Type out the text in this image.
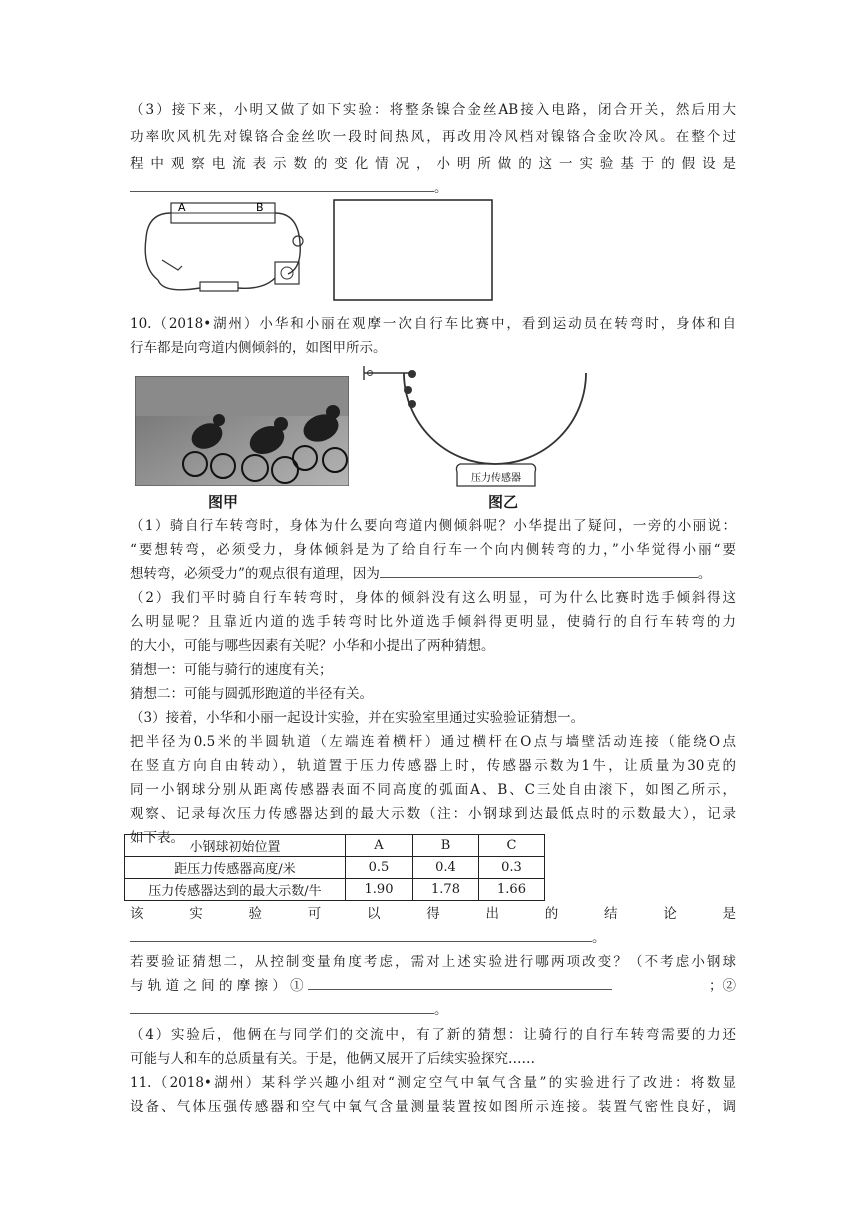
（3）接下来，小明又做了如下实验：将整条镍合金丝AB接入电路，闭合开关，然后用大

功率吹风机先对镍铬合金丝吹一段时间热风，再改用冷风档对镍铬合金吹冷风。在整个过

程中观察电流表示数的变化情况，小明所做的这一实验基于的假设是

。

A	B

10.（2018•湖州）小华和小丽在观摩一次自行车比赛中，看到运动员在转弯时，身体和自

行车都是向弯道内侧倾斜的，如图甲所示。

图甲
压力传感器
图乙

（1）骑自行车转弯时，身体为什么要向弯道内侧倾斜呢？小华提出了疑问，一旁的小丽说：

“要想转弯，必须受力，身体倾斜是为了给自行车一个向内侧转弯的力，”小华觉得小丽“要

想转弯，必须受力”的观点很有道理，因为	。

（2）我们平时骑自行车转弯时，身体的倾斜没有这么明显，可为什么比赛时选手倾斜得这

么明显呢？且靠近内道的选手转弯时比外道选手倾斜得更明显，使骑行的自行车转弯的力

的大小，可能与哪些因素有关呢？小华和小提出了两种猜想。

猜想一：可能与骑行的速度有关；

猜想二：可能与圆弧形跑道的半径有关。

（3）接着，小华和小丽一起设计实验，并在实验室里通过实验验证猜想一。

把半径为0.5米的半圆轨道（左端连着横杆）通过横杆在O点与墙壁活动连接（能绕O点

在竖直方向自由转动），轨道置于压力传感器上时，传感器示数为1牛，让质量为30克的

同一小钢球分别从距离传感器表面不同高度的弧面A、B、C三处自由滚下，如图乙所示，

观察、记录每次压力传感器达到的最大示数（注：小钢球到达最低点时的示数最大），记录

如下表。

小钢球初始位置	A	B	C
距压力传感器高度/米	0.5	0.4	0.3
压力传感器达到的最大示数/牛	1.90	1.78	1.66

该 实 验 可 以 得 出 的 结 论 是

。

若要验证猜想二，从控制变量角度考虑，需对上述实验进行哪两项改变？（不考虑小钢球

与 轨 道 之 间 的 摩 擦 ） ①	；②

。

（4）实验后，他俩在与同学们的交流中，有了新的猜想：让骑行的自行车转弯需要的力还

可能与人和车的总质量有关。于是，他俩又展开了后续实验探究……

11.（2018•湖州）某科学兴趣小组对“测定空气中氧气含量”的实验进行了改进：将数显

设备、气体压强传感器和空气中氧气含量测量装置按如图所示连接。装置气密性良好，调
